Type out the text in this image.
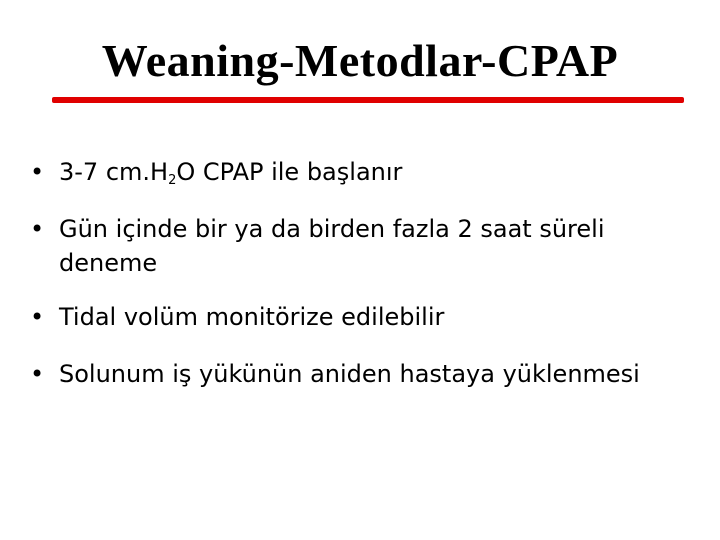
Weaning-Metodlar-CPAP
• 3-7 $cm.H_2O$ CPAP ile başlanır
• Gün içinde bir ya da birden fazla 2 saat süreli deneme
• Tidal volüm monitörize edilebilir
• Solunum iş yükünün aniden hastaya yüklenmesi
